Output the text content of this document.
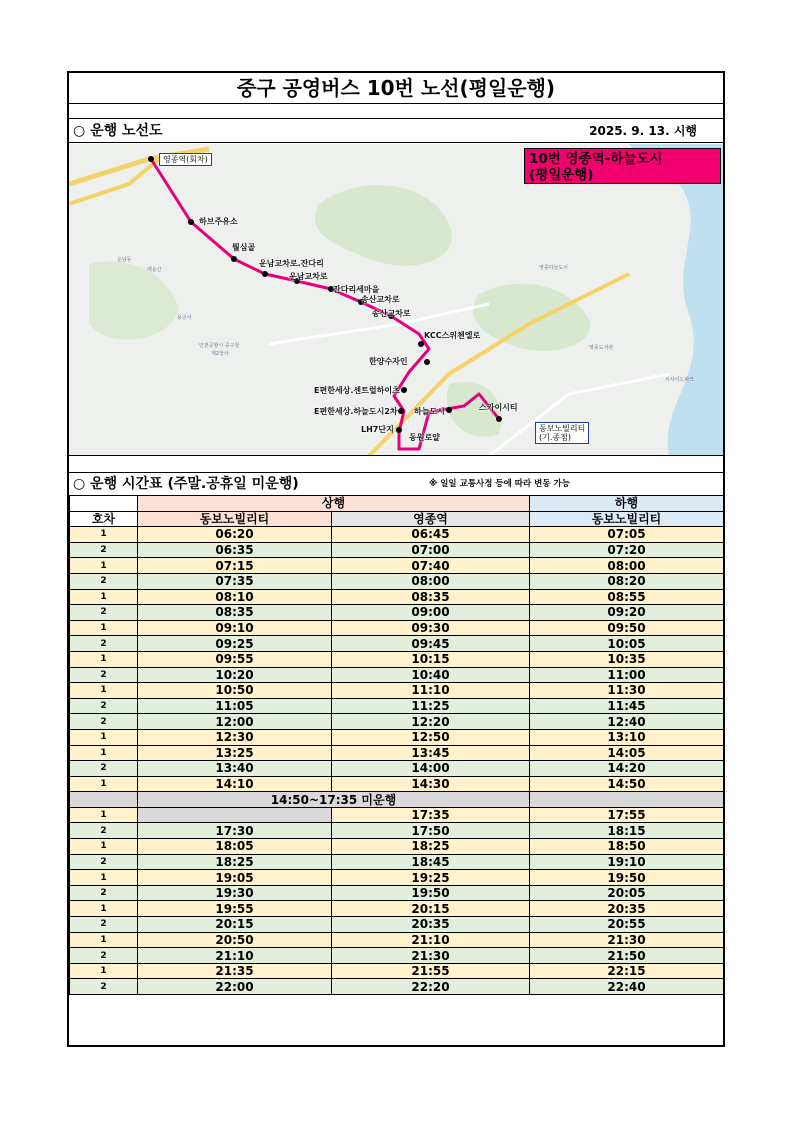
중구 공영버스 10번 노선(평일운행)
○ 운행 노선도	2025. 9. 13. 시행
10번 영종역-하늘도시
(평일운행)
영종역(회차)
동보노빌리티
(기.종점)
하브주유소
뭘심골
운남교차로.잔다리
운남교차로
잔다리세마을
송산교차로
송산교차로
KCC스위첸엘로
한양수자인
E편한세상.센트럴하이츠
E편한세상.하늘도시2차 하늘도시
LH7단지
동원로얄
스카이시티
운남동
백운산
용궁사
인천공항시 중구청
제2청사
영종하늘도시
씨사이드파크
영종도서관
○ 운행 시간표 (주말.공휴일 미운행)	※ 일일 교통사정 등에 따라 변동 가능
	상행		하행
호차	동보노빌리티	영종역	동보노빌리티
1	06:20	06:45	07:05
2	06:35	07:00	07:20
1	07:15	07:40	08:00
2	07:35	08:00	08:20
1	08:10	08:35	08:55
2	08:35	09:00	09:20
1	09:10	09:30	09:50
2	09:25	09:45	10:05
1	09:55	10:15	10:35
2	10:20	10:40	11:00
1	10:50	11:10	11:30
2	11:05	11:25	11:45
2	12:00	12:20	12:40
1	12:30	12:50	13:10
1	13:25	13:45	14:05
2	13:40	14:00	14:20
1	14:10	14:30	14:50
	14:50~17:35 미운행		
1		17:35	17:55
2	17:30	17:50	18:15
1	18:05	18:25	18:50
2	18:25	18:45	19:10
1	19:05	19:25	19:50
2	19:30	19:50	20:05
1	19:55	20:15	20:35
2	20:15	20:35	20:55
1	20:50	21:10	21:30
2	21:10	21:30	21:50
1	21:35	21:55	22:15
2	22:00	22:20	22:40
